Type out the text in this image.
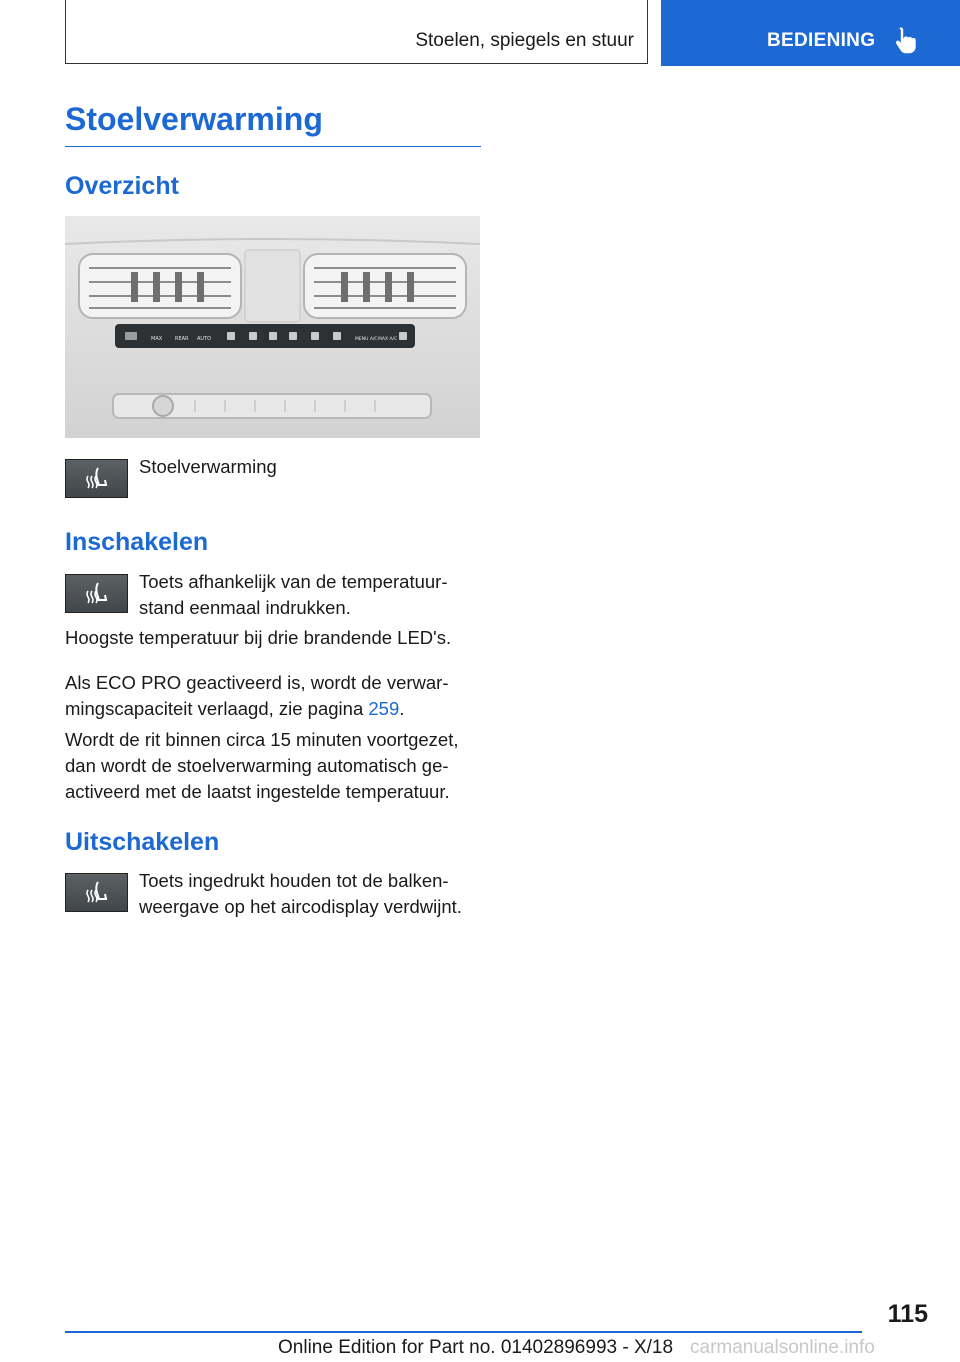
Stoelen, spiegels en stuur	BEDIENING
Stoelverwarming
Overzicht
MAX	REAR AUTO	MENU A/C MAX A/C
Stoelverwarming
Inschakelen

Toets afhankelijk van de temperatuurstand eenmaal indrukken.

Hoogste temperatuur bij drie brandende LED's.

Als ECO PRO geactiveerd is, wordt de verwarmingscapaciteit verlaagd, zie pagina 259.

Wordt de rit binnen circa 15 minuten voortgezet, dan wordt de stoelverwarming automatisch geactiveerd met de laatst ingestelde temperatuur.

Uitschakelen

Toets ingedrukt houden tot de balkenweergave op het aircodisplay verdwijnt.

115
Online Edition for Part no. 01402896993 - X/18 carmanualsonline.info
